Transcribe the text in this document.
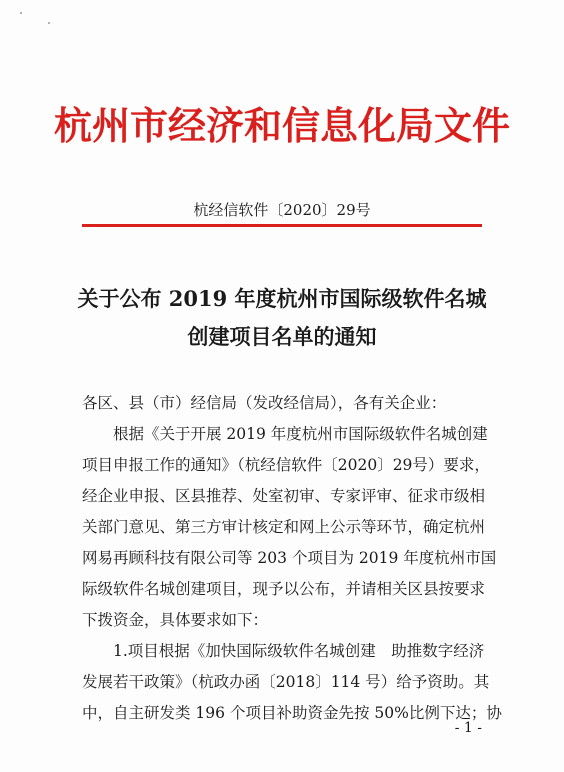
杭州市经济和信息化局文件
杭经信软件〔2020〕29号
关于公布 2019 年度杭州市国际级软件名城
创建项目名单的通知
各区、县（市）经信局（发改经信局），各有关企业：
　　根据《关于开展 2019 年度杭州市国际级软件名城创建
项目申报工作的通知》（杭经信软件〔2020〕29号）要求，
经企业申报、区县推荐、处室初审、专家评审、征求市级相
关部门意见、第三方审计核定和网上公示等环节，确定杭州
网易再顾科技有限公司等 203 个项目为 2019 年度杭州市国
际级软件名城创建项目，现予以公布，并请相关区县按要求
下拨资金，具体要求如下：
　　1.项目根据《加快国际级软件名城创建　助推数字经济
发展若干政策》（杭政办函〔2018〕114 号）给予资助。其
中，自主研发类 196 个项目补助资金先按 50%比例下达；协
- 1 -
